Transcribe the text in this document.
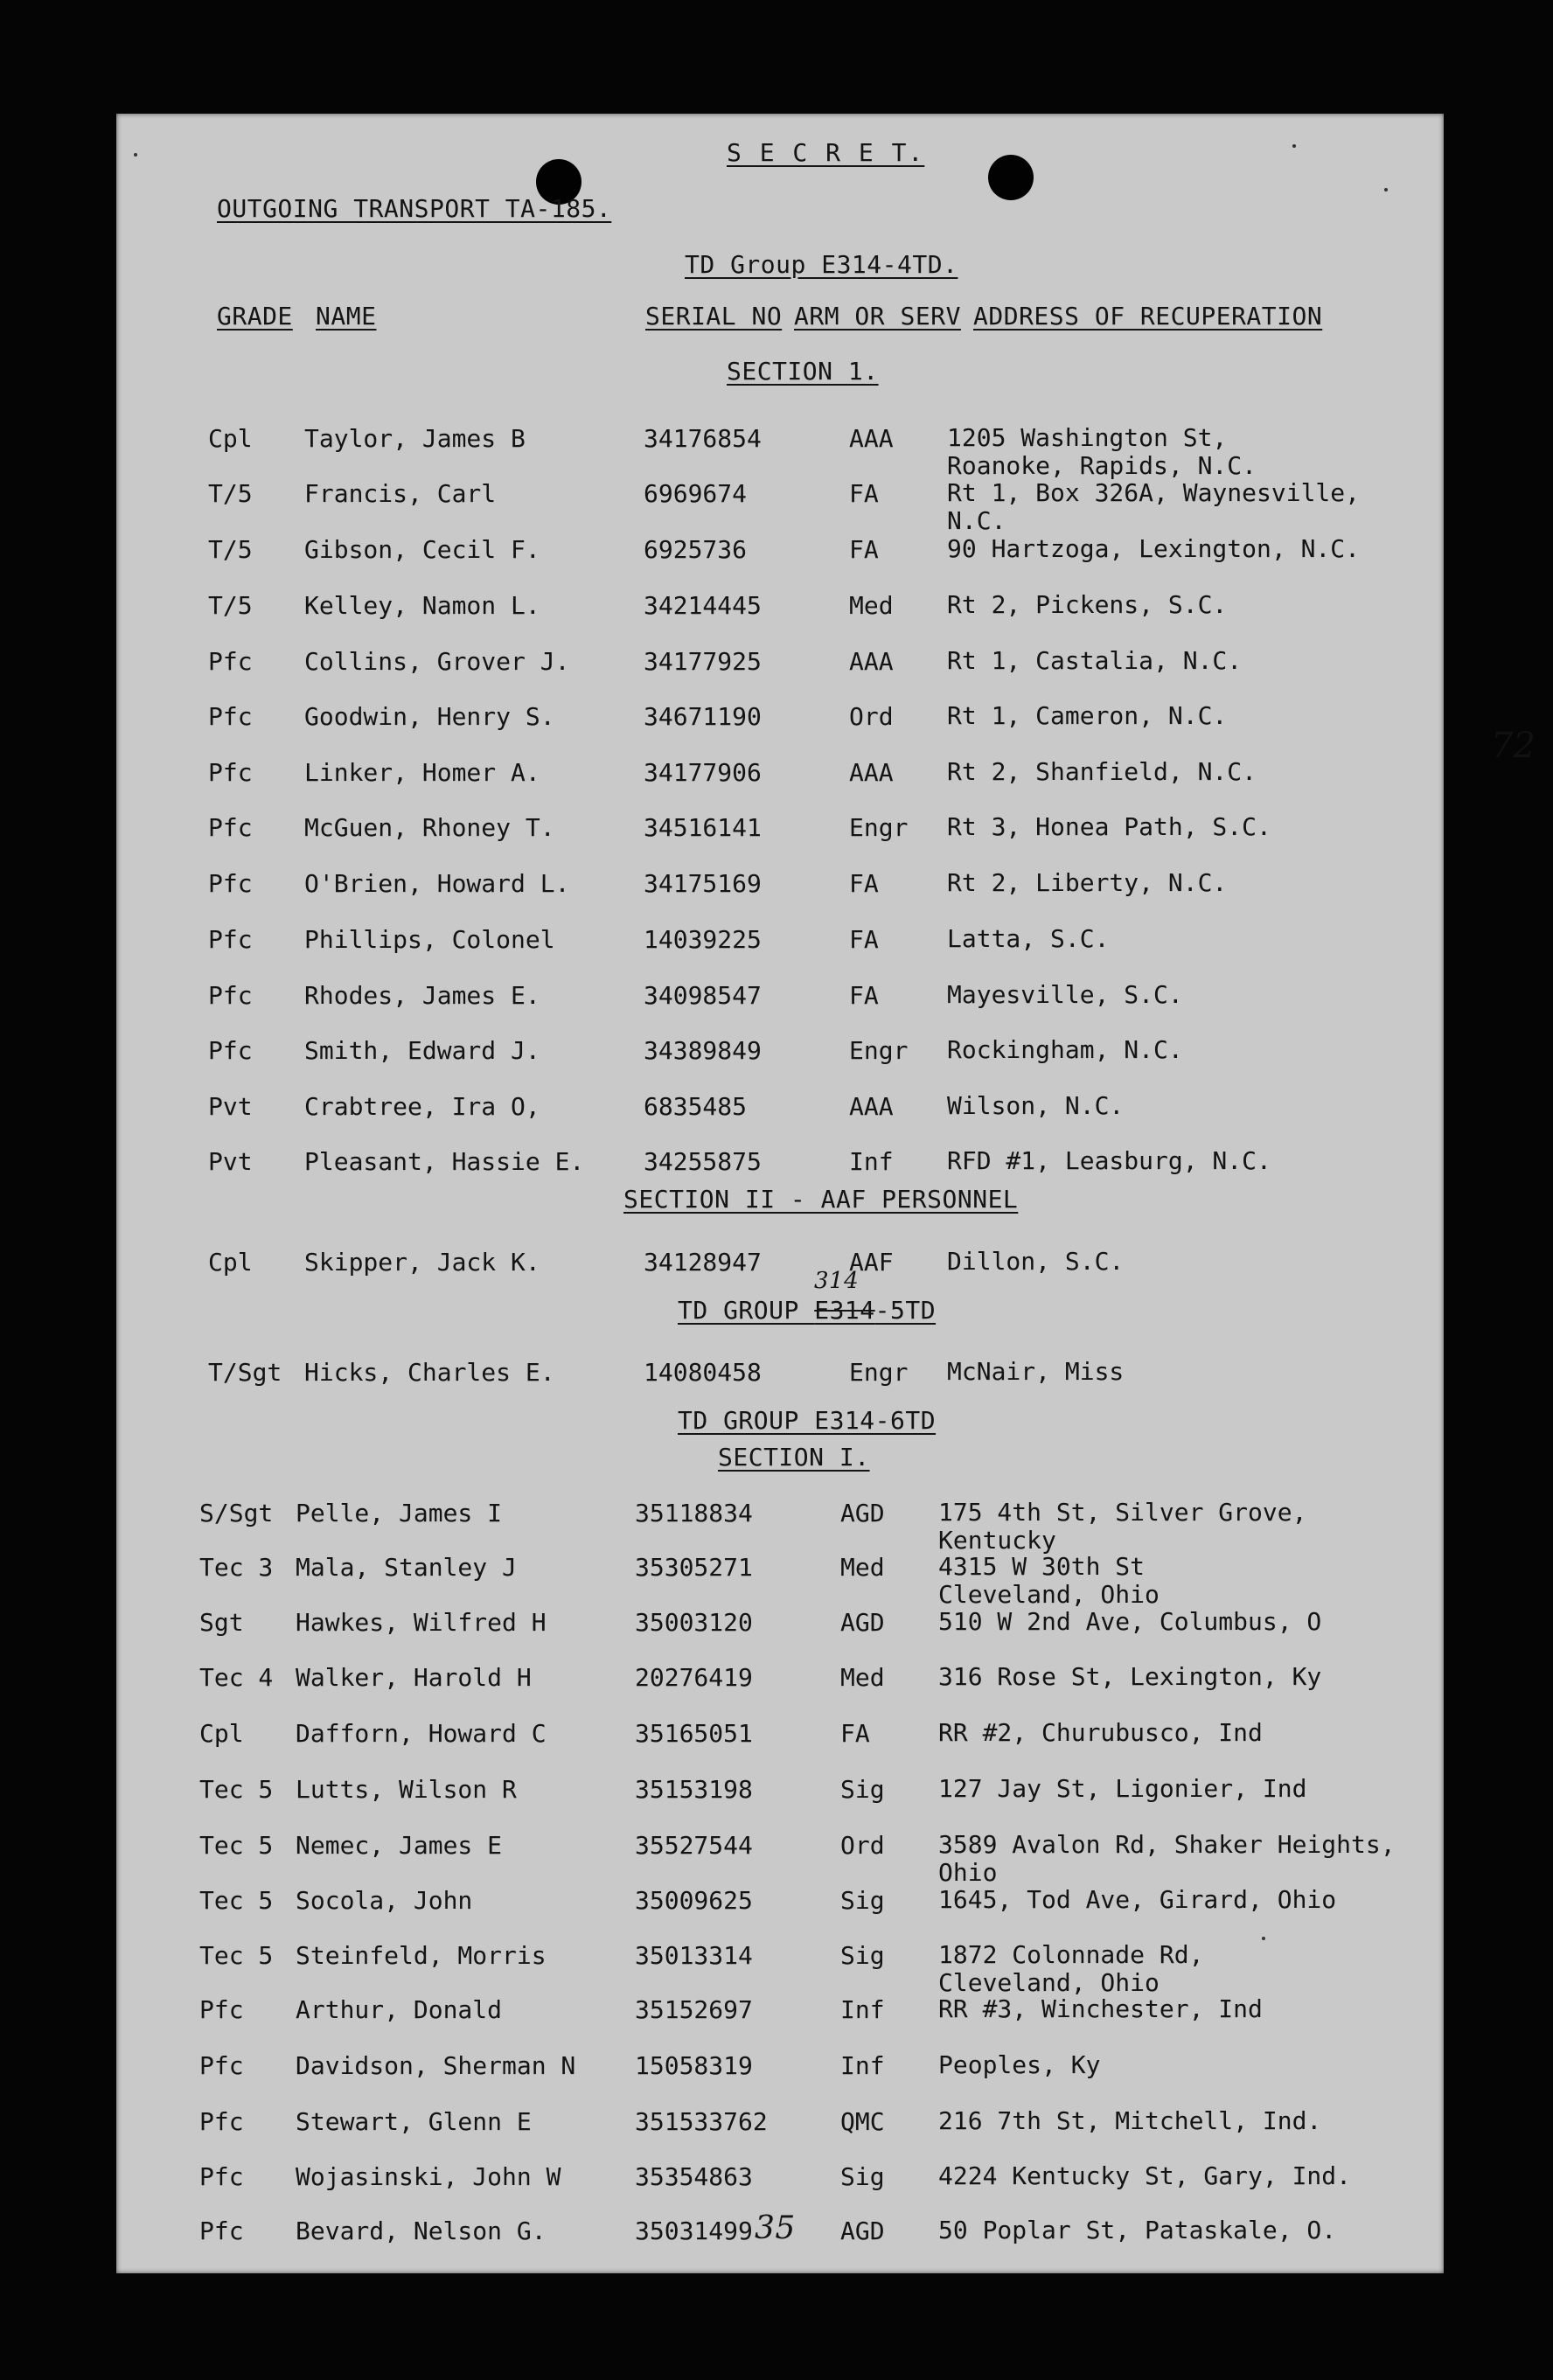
S E C R E T.
OUTGOING TRANSPORT TA-185.
TD Group E314-4TD.
72
GRADE NAME	SERIAL NO ARM OR SERV ADDRESS OF RECUPERATION
SECTION 1.
SECTION II - AAF PERSONNEL
TD GROUP E314-5TD
314
TD GROUP E314-6TD
SECTION I.
Cpl Taylor, James B	34176854	AAA 1205 Washington St,
Roanoke, Rapids, N.C.
T/5 Francis, Carl	6969674	FA	Rt 1, Box 326A, Waynesville,
N.C.
T/5 Gibson, Cecil F.	6925736	FA	90 Hartzoga, Lexington, N.C.
T/5 Kelley, Namon L.	34214445	Med Rt 2, Pickens, S.C.
Pfc Collins, Grover J.	34177925	AAA Rt 1, Castalia, N.C.
Pfc Goodwin, Henry S.	34671190	Ord Rt 1, Cameron, N.C.
Pfc Linker, Homer A.	34177906	AAA Rt 2, Shanfield, N.C.
Pfc McGuen, Rhoney T.	34516141	Engr Rt 3, Honea Path, S.C.
Pfc O'Brien, Howard L.	34175169	FA	Rt 2, Liberty, N.C.
Pfc Phillips, Colonel	14039225	FA	Latta, S.C.
Pfc Rhodes, James E.	34098547	FA	Mayesville, S.C.
Pfc Smith, Edward J.	34389849	Engr Rockingham, N.C.
Pvt Crabtree, Ira O,	6835485	AAA Wilson, N.C.
Pvt Pleasant, Hassie E. 34255875	Inf RFD #1, Leasburg, N.C.
Cpl Skipper, Jack K.	34128947	AAF Dillon, S.C.
T/Sgt Hicks, Charles E.	14080458	Engr McNair, Miss
S/Sgt Pelle, James I	35118834	AGD 175 4th St, Silver Grove,
Kentucky
Tec 3 Mala, Stanley J	35305271	Med 4315 W 30th St
Cleveland, Ohio
Sgt Hawkes, Wilfred H	35003120	AGD 510 W 2nd Ave, Columbus, O
Tec 4 Walker, Harold H	20276419	Med 316 Rose St, Lexington, Ky
Cpl Dafforn, Howard C	35165051	FA	RR #2, Churubusco, Ind
Tec 5 Lutts, Wilson R	35153198	Sig 127 Jay St, Ligonier, Ind
Tec 5 Nemec, James E	35527544	Ord 3589 Avalon Rd, Shaker Heights,
Ohio
Tec 5 Socola, John	35009625	Sig 1645, Tod Ave, Girard, Ohio
Tec 5 Steinfeld, Morris	35013314	Sig 1872 Colonnade Rd,
Cleveland, Ohio
Pfc Arthur, Donald	35152697	Inf RR #3, Winchester, Ind
Pfc Davidson, Sherman N 15058319	Inf Peoples, Ky
Pfc Stewart, Glenn E	351533762	QMC 216 7th St, Mitchell, Ind.
Pfc Wojasinski, John W	35354863	Sig 4224 Kentucky St, Gary, Ind.
Pfc Bevard, Nelson G.	35031499	AGD 50 Poplar St, Pataskale, O.
35
